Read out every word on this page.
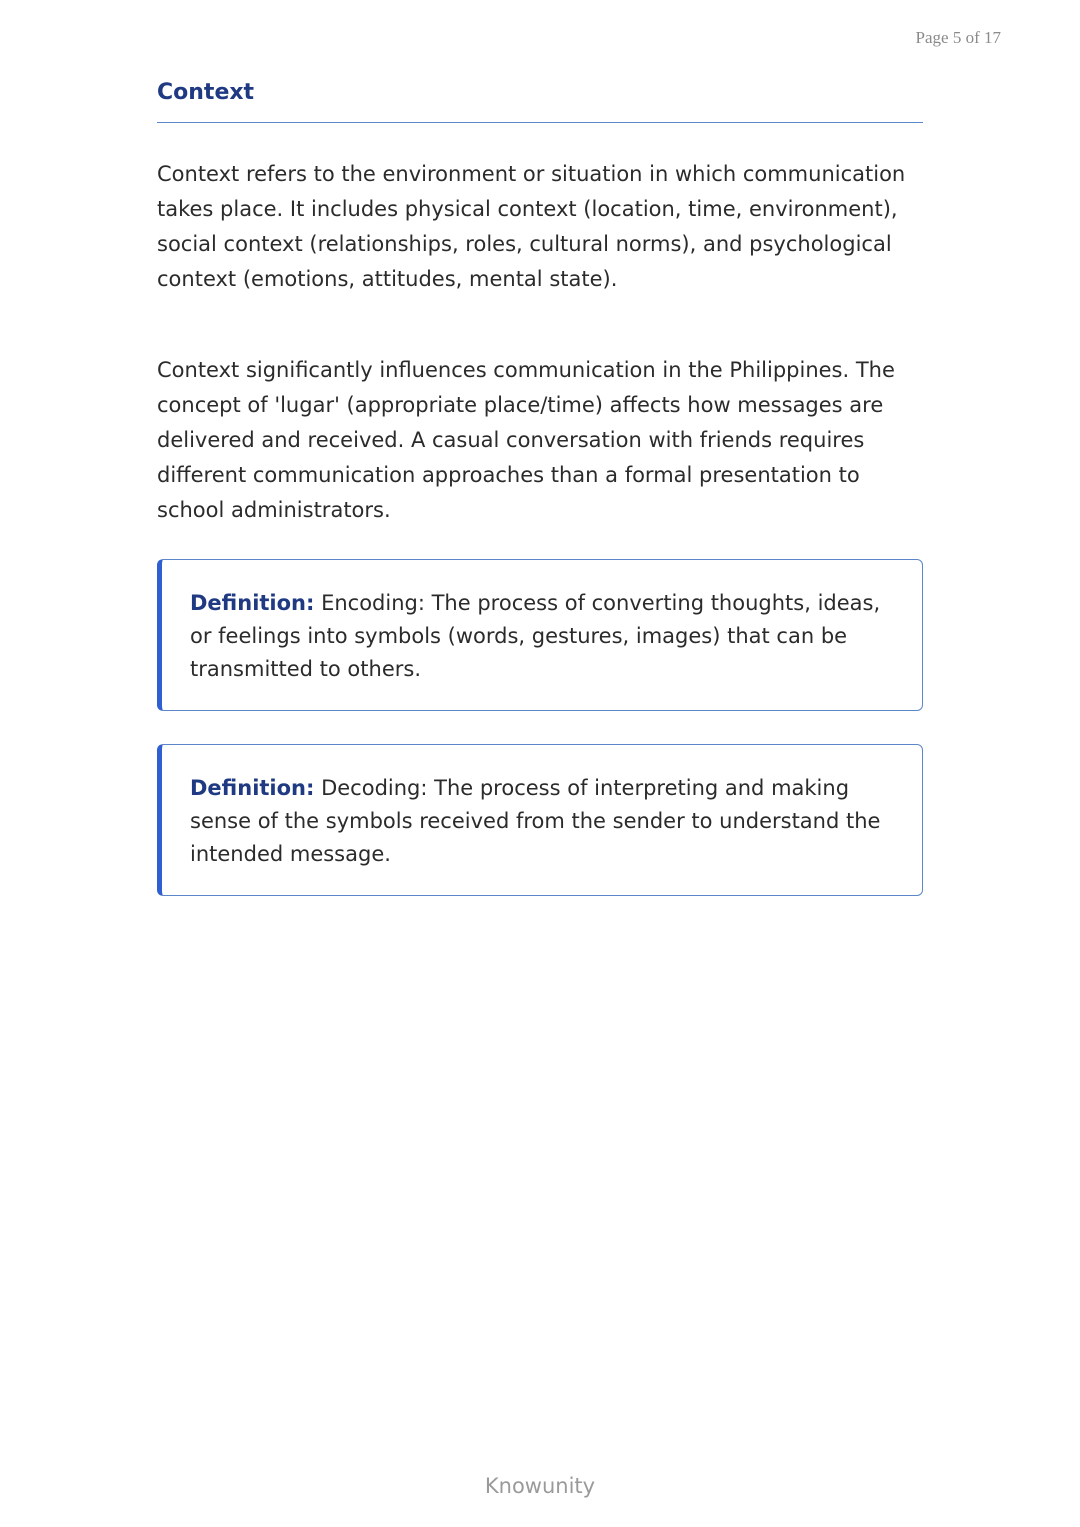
Page 5 of 17
Context

Context refers to the environment or situation in which communication takes place. It includes physical context (location, time, environment), social context (relationships, roles, cultural norms), and psychological context (emotions, attitudes, mental state).

Context significantly influences communication in the Philippines. The concept of 'lugar' (appropriate place/time) affects how messages are delivered and received. A casual conversation with friends requires different communication approaches than a formal presentation to school administrators.

Definition: Encoding: The process of converting thoughts, ideas, or feelings into symbols (words, gestures, images) that can be transmitted to others.

Definition: Decoding: The process of interpreting and making sense of the symbols received from the sender to understand the intended message.

Knowunity
